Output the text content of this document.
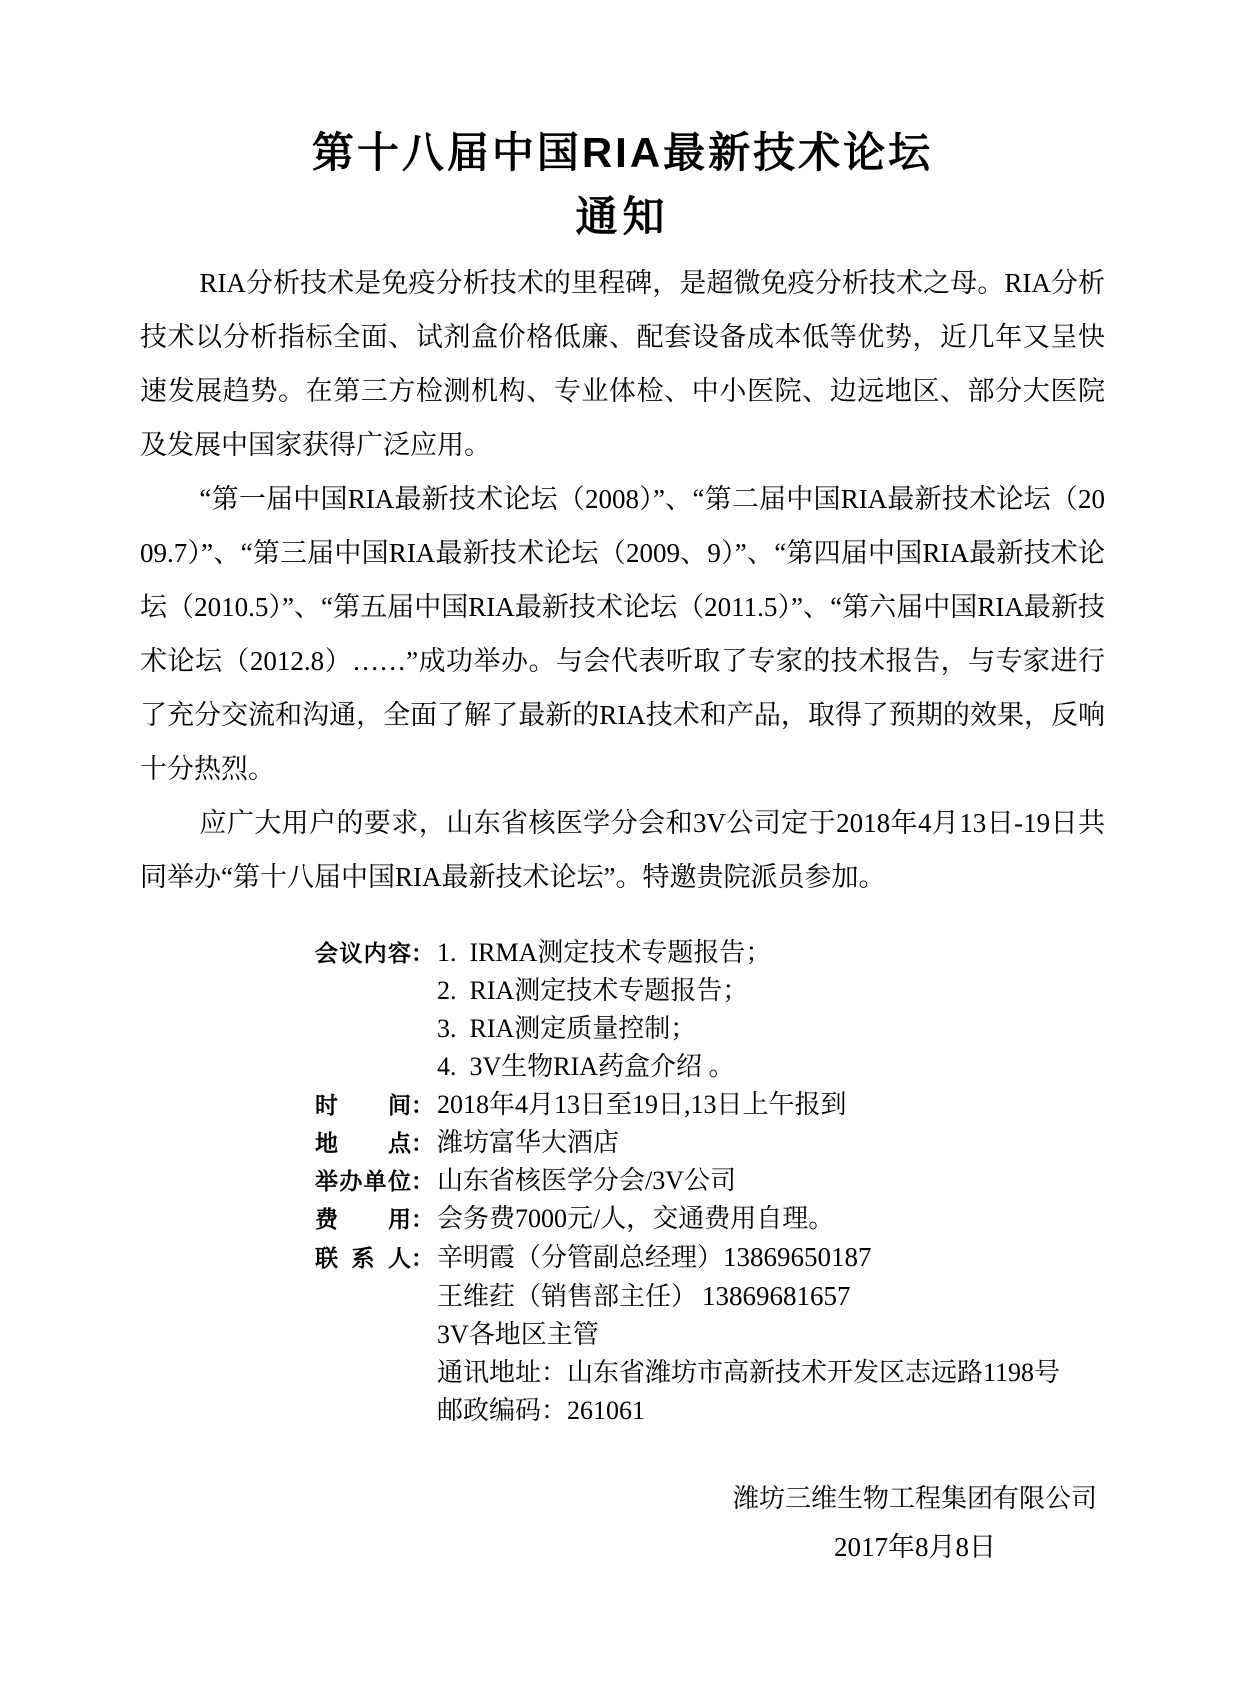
第十八届中国RIA最新技术论坛
通知

RIA分析技术是免疫分析技术的里程碑，是超微免疫分析技术之母。RIA分析技术以分析指标全面、试剂盒价格低廉、配套设备成本低等优势，近几年又呈快速发展趋势。在第三方检测机构、专业体检、中小医院、边远地区、部分大医院及发展中国家获得广泛应用。

“第一届中国RIA最新技术论坛（2008）”、“第二届中国RIA最新技术论坛（2009.7）”、“第三届中国RIA最新技术论坛（2009、9）”、“第四届中国RIA最新技术论坛（2010.5）”、“第五届中国RIA最新技术论坛（2011.5）”、“第六届中国RIA最新技术论坛（2012.8）……”成功举办。与会代表听取了专家的技术报告，与专家进行了充分交流和沟通，全面了解了最新的RIA技术和产品，取得了预期的效果，反响十分热烈。

应广大用户的要求，山东省核医学分会和3V公司定于2018年4月13日-19日共同举办“第十八届中国RIA最新技术论坛”。特邀贵院派员参加。

会议内容： 1.  IRMA测定技术专题报告；
2.  RIA测定技术专题报告；
3.  RIA测定质量控制；
4.  3V生物RIA药盒介绍 。
时间： 2018年4月13日至19日,13日上午报到
地点： 潍坊富华大酒店
举办单位： 山东省核医学分会/3V公司
费用： 会务费7000元/人，交通费用自理。
联系人： 辛明霞（分管副总经理）13869650187
王维荭（销售部主任） 13869681657
3V各地区主管
通讯地址：山东省潍坊市高新技术开发区志远路1198号
邮政编码：261061
潍坊三维生物工程集团有限公司
2017年8月8日
